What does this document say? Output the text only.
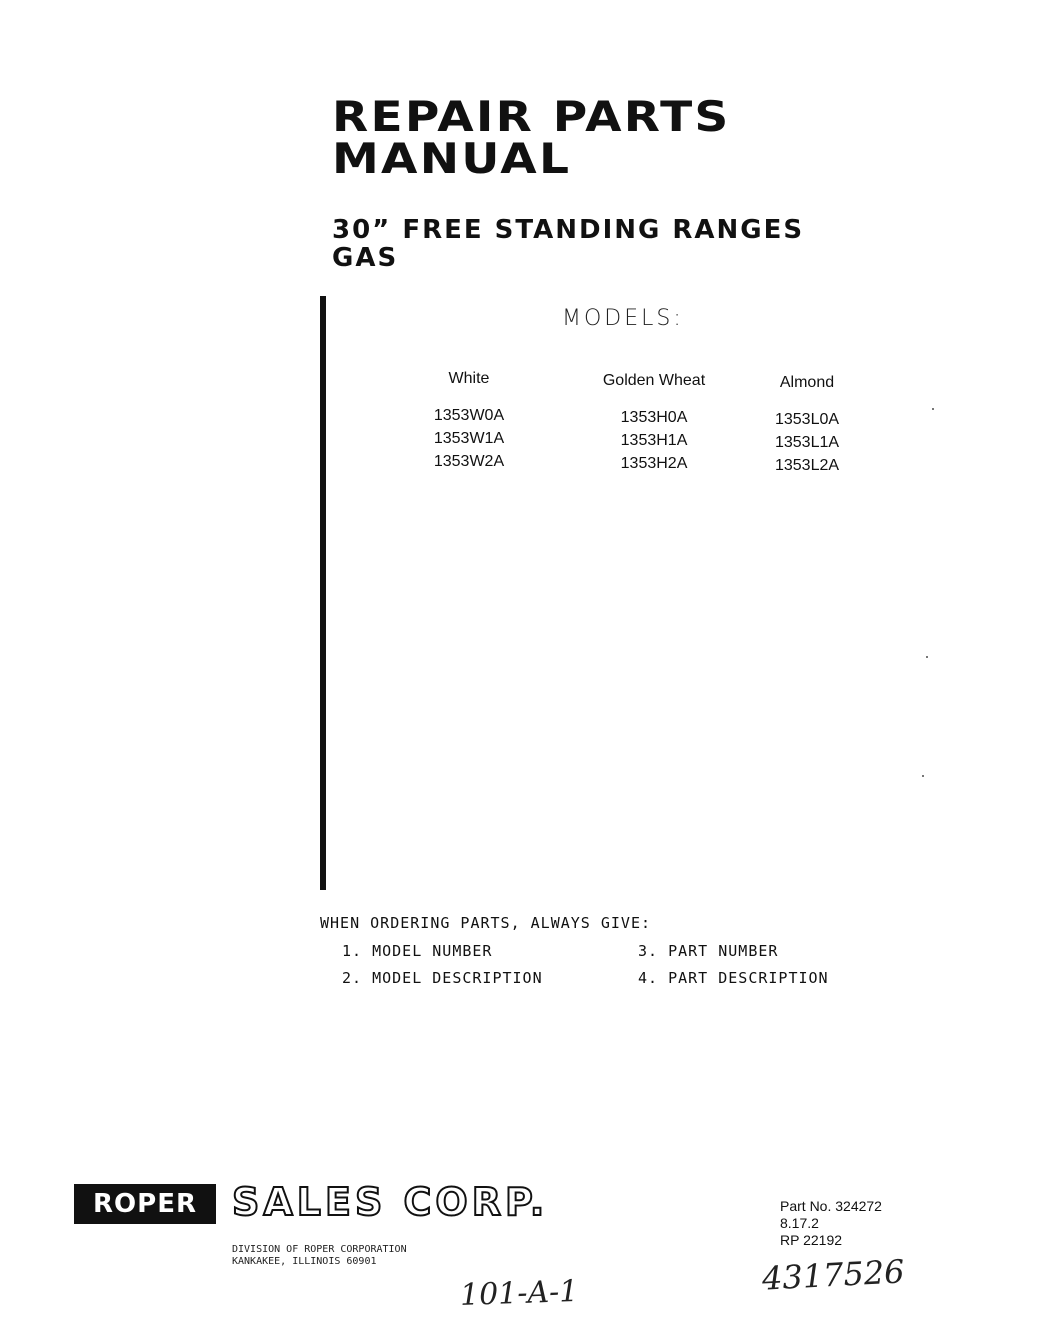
REPAIR PARTS
MANUAL
30” FREE STANDING RANGES
GAS
MODELS:
White
1353W0A
1353W1A
1353W2A
Golden Wheat
1353H0A
1353H1A
1353H2A
Almond
1353L0A
1353L1A
1353L2A
WHEN ORDERING PARTS, ALWAYS GIVE:
1. MODEL NUMBER
2. MODEL DESCRIPTION
3. PART NUMBER
4. PART DESCRIPTION
ROPER SALES CORP.
DIVISION OF ROPER CORPORATION
KANKAKEE, ILLINOIS 60901
Part No. 324272
8.17.2
RP 22192
101-A-1	4317526
